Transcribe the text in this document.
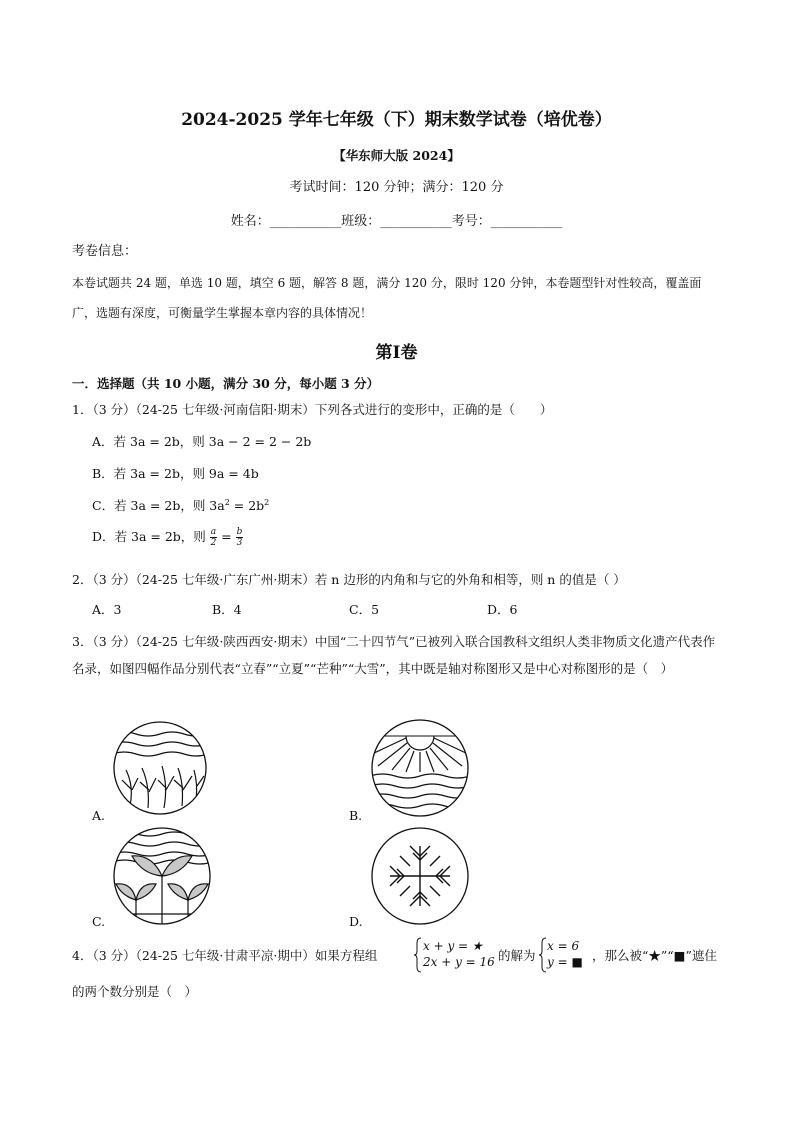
2024-2025 学年七年级（下）期末数学试卷（培优卷）
【华东师大版 2024】
考试时间：120 分钟；满分：120 分
姓名：___________班级：___________考号：___________
考卷信息：
本卷试题共 24 题，单选 10 题，填空 6 题，解答 8 题，满分 120 分，限时 120 分钟，本卷题型针对性较高，覆盖面广，选题有深度，可衡量学生掌握本章内容的具体情况！
第Ⅰ卷
一．选择题（共 10 小题，满分 30 分，每小题 3 分）
1．（3 分）（24-25 七年级·河南信阳·期末）下列各式进行的变形中，正确的是（　　）
A．若 3a = 2b，则 3a − 2 = 2 − 2b
B．若 3a = 2b，则 9a = 4b
C．若 3a = 2b，则 $3a^2 = 2b^2$
D．若 3a = 2b，则 $\frac{a}{2} = \frac{b}{3}$
2．（3 分）（24-25 七年级·广东广州·期末）若 n 边形的内角和与它的外角和相等，则 n 的值是（ ）
A．3	B．4	C．5	D．6
3．（3 分）（24-25 七年级·陕西西安·期末）中国“二十四节气”已被列入联合国教科文组织人类非物质文化遗产代表作名录，如图四幅作品分别代表“立春”“立夏”“芒种”“大雪”，其中既是轴对称图形又是中心对称图形的是（　）
A.	B.
C.	D.
4．（3 分）（24-25 七年级·甘肃平凉·期中）如果方程组
x + y = ★
2x + y = 16 的解为
x = 6
y = ■ ，那么被“★”“■”遮住
的两个数分别是（　）
